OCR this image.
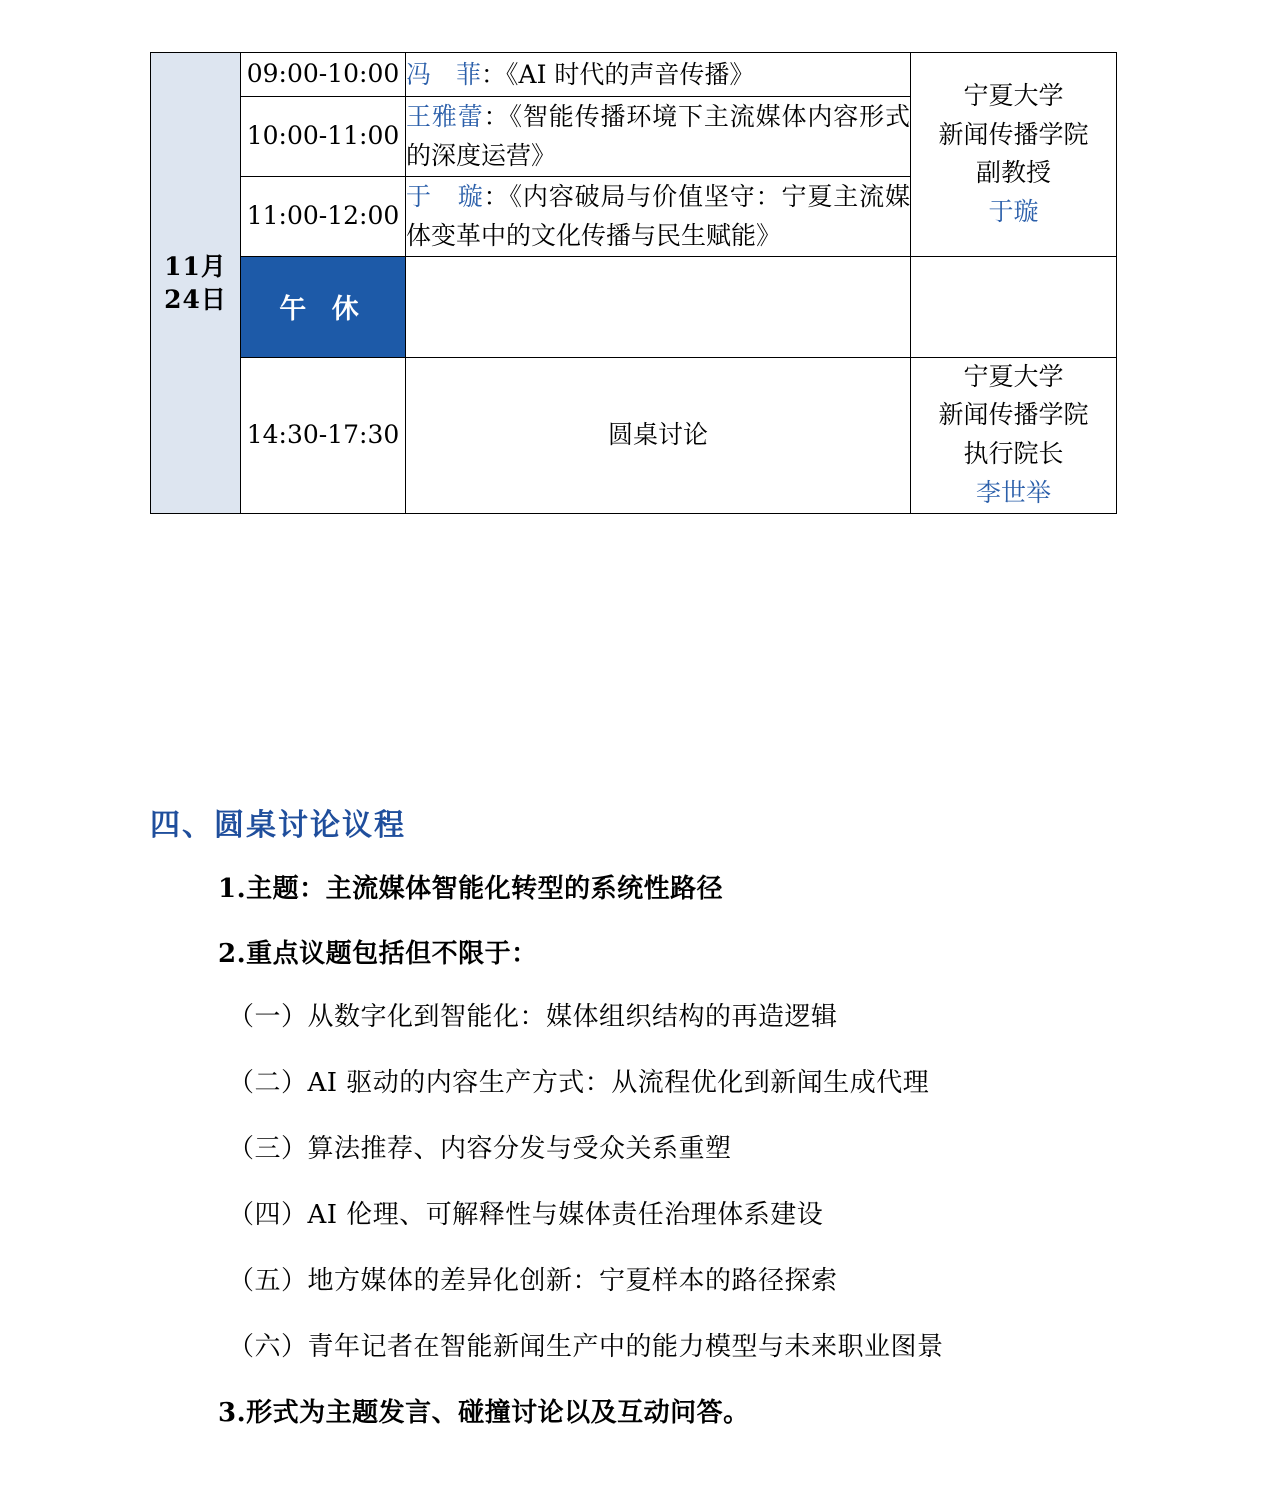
11月24日	09:00-10:00	冯　菲：《AI 时代的声音传播》	宁夏大学
新闻传播学院
副教授
于璇

	10:00-11:00	王雅蕾：《智能传播环境下主流媒体内容形式的深度运营》	
	11:00-12:00	于　璇：《内容破局与价值坚守：宁夏主流媒体变革中的文化传播与民生赋能》	
	午 休		
	14:30-17:30	圆桌讨论	宁夏大学
新闻传播学院
执行院长
李世举
四、圆桌讨论议程

1.主题：主流媒体智能化转型的系统性路径

2.重点议题包括但不限于：

（一）从数字化到智能化：媒体组织结构的再造逻辑

（二）AI 驱动的内容生产方式：从流程优化到新闻生成代理

（三）算法推荐、内容分发与受众关系重塑

（四）AI 伦理、可解释性与媒体责任治理体系建设

（五）地方媒体的差异化创新：宁夏样本的路径探索

（六）青年记者在智能新闻生产中的能力模型与未来职业图景

3.形式为主题发言、碰撞讨论以及互动问答。
